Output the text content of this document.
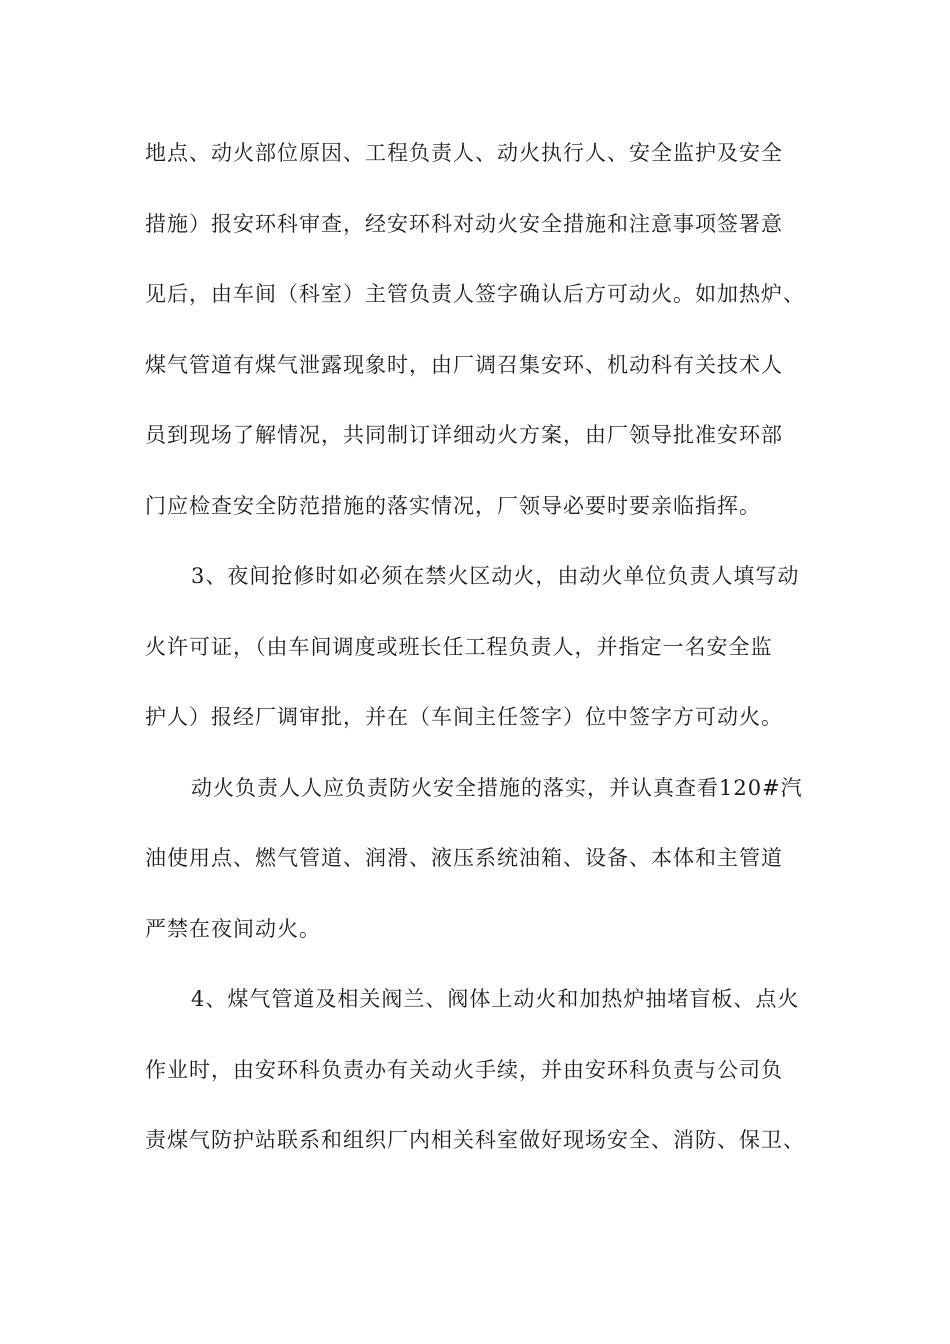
地点、动火部位原因、工程负责人、动火执行人、安全监护及安全
措施）报安环科审查，经安环科对动火安全措施和注意事项签署意
见后，由车间（科室）主管负责人签字确认后方可动火。如加热炉、
煤气管道有煤气泄露现象时，由厂调召集安环、机动科有关技术人
员到现场了解情况，共同制订详细动火方案，由厂领导批准安环部
门应检查安全防范措施的落实情况，厂领导必要时要亲临指挥。
3、夜间抢修时如必须在禁火区动火，由动火单位负责人填写动
火许可证，（由车间调度或班长任工程负责人，并指定一名安全监
护人）报经厂调审批，并在（车间主任签字）位中签字方可动火。
动火负责人人应负责防火安全措施的落实，并认真查看120#汽
油使用点、燃气管道、润滑、液压系统油箱、设备、本体和主管道
严禁在夜间动火。
4、煤气管道及相关阀兰、阀体上动火和加热炉抽堵盲板、点火
作业时，由安环科负责办有关动火手续，并由安环科负责与公司负
责煤气防护站联系和组织厂内相关科室做好现场安全、消防、保卫、
